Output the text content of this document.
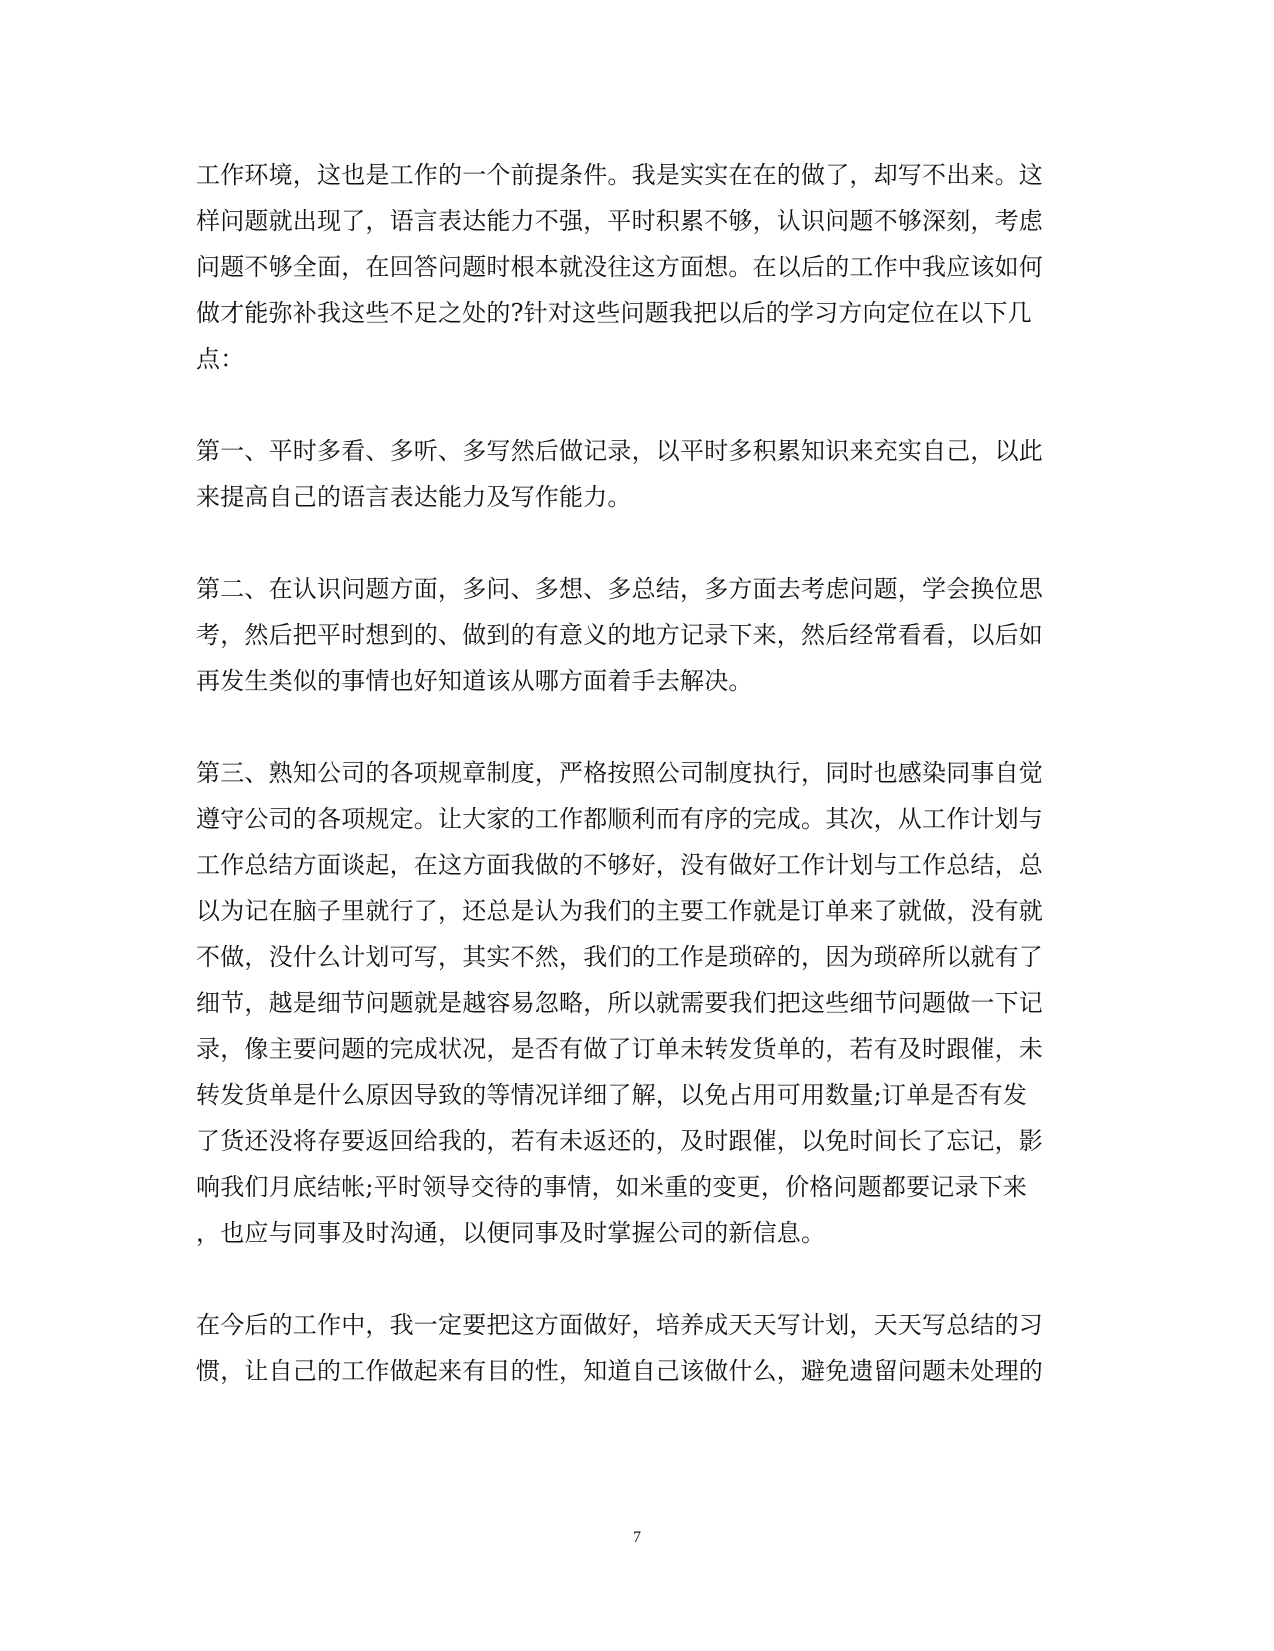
工作环境，这也是工作的一个前提条件。我是实实在在的做了，却写不出来。这
样问题就出现了，语言表达能力不强，平时积累不够，认识问题不够深刻，考虑
问题不够全面，在回答问题时根本就没往这方面想。在以后的工作中我应该如何
做才能弥补我这些不足之处的?针对这些问题我把以后的学习方向定位在以下几
点：
第一、平时多看、多听、多写然后做记录，以平时多积累知识来充实自己，以此
来提高自己的语言表达能力及写作能力。
第二、在认识问题方面，多问、多想、多总结，多方面去考虑问题，学会换位思
考，然后把平时想到的、做到的有意义的地方记录下来，然后经常看看，以后如
再发生类似的事情也好知道该从哪方面着手去解决。
第三、熟知公司的各项规章制度，严格按照公司制度执行，同时也感染同事自觉
遵守公司的各项规定。让大家的工作都顺利而有序的完成。其次，从工作计划与
工作总结方面谈起，在这方面我做的不够好，没有做好工作计划与工作总结，总
以为记在脑子里就行了，还总是认为我们的主要工作就是订单来了就做，没有就
不做，没什么计划可写，其实不然，我们的工作是琐碎的，因为琐碎所以就有了
细节，越是细节问题就是越容易忽略，所以就需要我们把这些细节问题做一下记
录，像主要问题的完成状况，是否有做了订单未转发货单的，若有及时跟催，未
转发货单是什么原因导致的等情况详细了解，以免占用可用数量;订单是否有发
了货还没将存要返回给我的，若有未返还的，及时跟催，以免时间长了忘记，影
响我们月底结帐;平时领导交待的事情，如米重的变更，价格问题都要记录下来
，也应与同事及时沟通，以便同事及时掌握公司的新信息。
在今后的工作中，我一定要把这方面做好，培养成天天写计划，天天写总结的习
惯，让自己的工作做起来有目的性，知道自己该做什么，避免遗留问题未处理的
7
